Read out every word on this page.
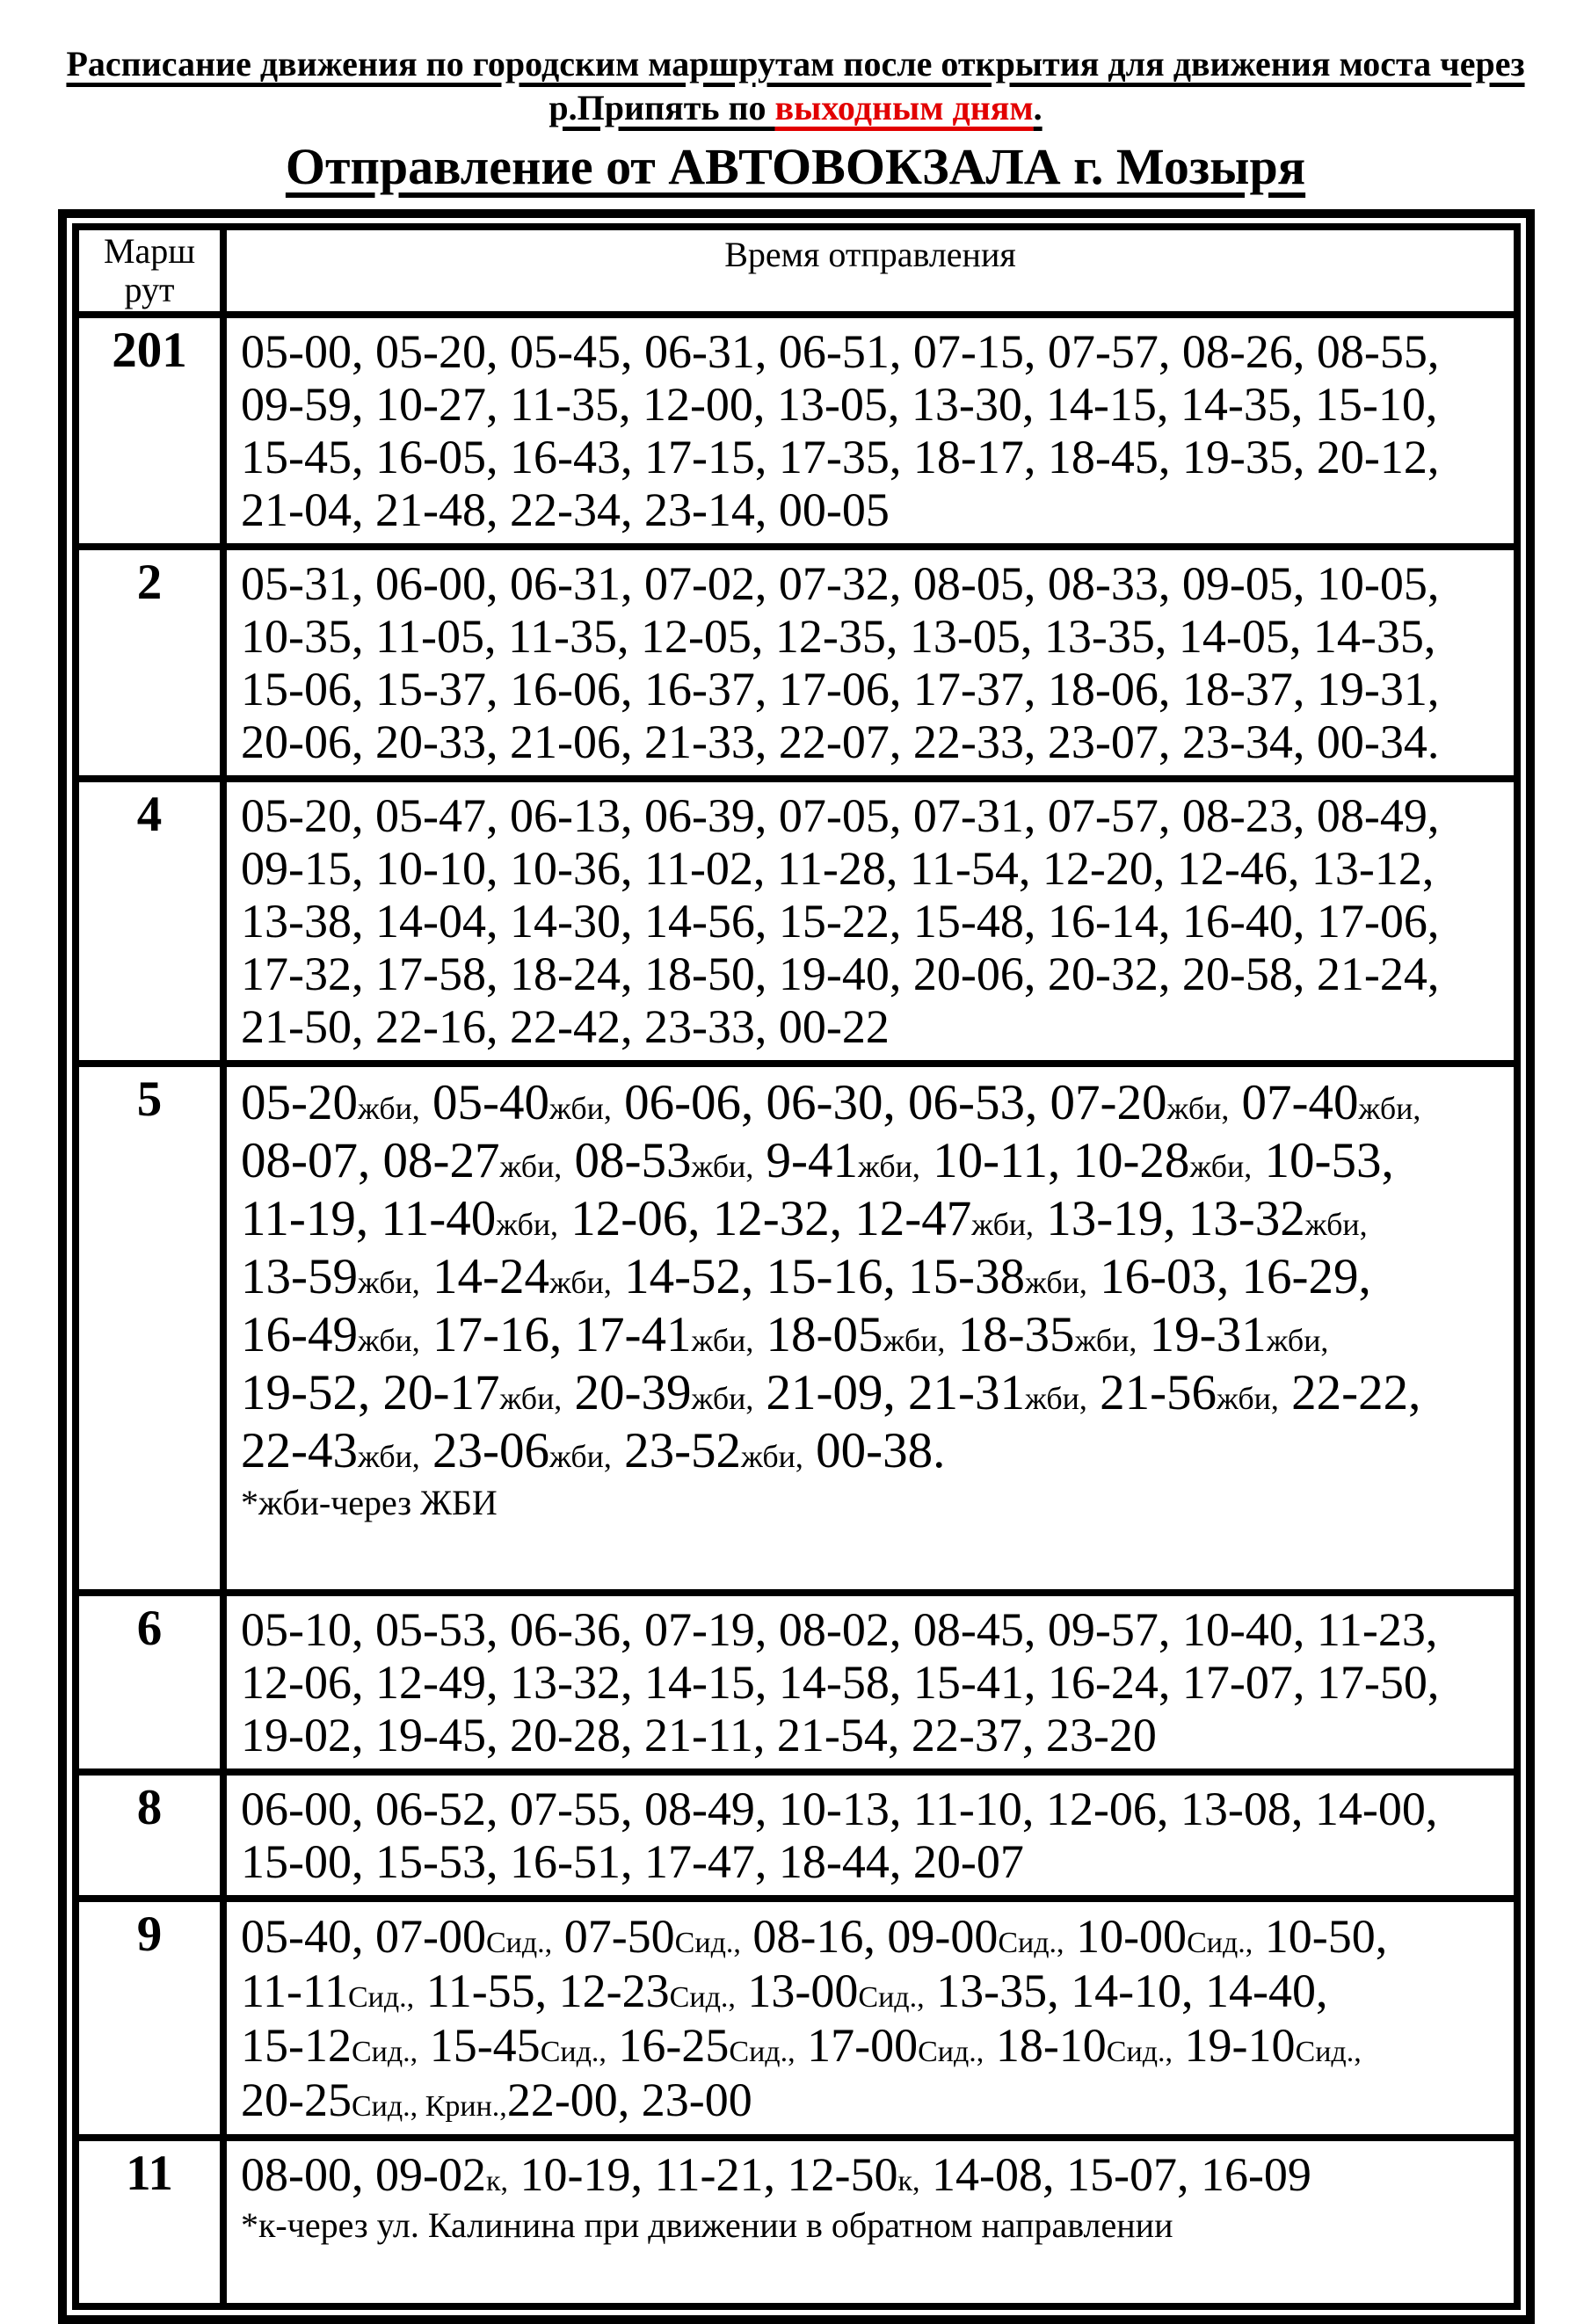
Расписание движения по городским маршрутам после открытия для движения моста через
р.Припять по выходным дням.
Отправление от АВТОВОКЗАЛА г. Мозыря
Марш
рут	Время отправления
201	05-00, 05-20, 05-45, 06-31, 06-51, 07-15, 07-57, 08-26, 08-55,
09-59, 10-27, 11-35, 12-00, 13-05, 13-30, 14-15, 14-35, 15-10,
15-45, 16-05, 16-43, 17-15, 17-35, 18-17, 18-45, 19-35, 20-12,
21-04, 21-48, 22-34, 23-14, 00-05

2	05-31, 06-00, 06-31, 07-02, 07-32, 08-05, 08-33, 09-05, 10-05,
10-35, 11-05, 11-35, 12-05, 12-35, 13-05, 13-35, 14-05, 14-35,
15-06, 15-37, 16-06, 16-37, 17-06, 17-37, 18-06, 18-37, 19-31,
20-06, 20-33, 21-06, 21-33, 22-07, 22-33, 23-07, 23-34, 00-34.

4	05-20, 05-47, 06-13, 06-39, 07-05, 07-31, 07-57, 08-23, 08-49,
09-15, 10-10, 10-36, 11-02, 11-28, 11-54, 12-20, 12-46, 13-12,
13-38, 14-04, 14-30, 14-56, 15-22, 15-48, 16-14, 16-40, 17-06,
17-32, 17-58, 18-24, 18-50, 19-40, 20-06, 20-32, 20-58, 21-24,
21-50, 22-16, 22-42, 23-33, 00-22

5	05-20жби, 05-40жби, 06-06, 06-30, 06-53, 07-20жби, 07-40жби,
08-07, 08-27жби, 08-53жби, 9-41жби, 10-11, 10-28жби, 10-53,
11-19, 11-40жби, 12-06, 12-32, 12-47жби, 13-19, 13-32жби,
13-59жби, 14-24жби, 14-52, 15-16, 15-38жби, 16-03, 16-29,
16-49жби, 17-16, 17-41жби, 18-05жби, 18-35жби, 19-31жби,
19-52, 20-17жби, 20-39жби, 21-09, 21-31жби, 21-56жби, 22-22,
22-43жби, 23-06жби, 23-52жби, 00-38.
*жби-через ЖБИ

6	05-10, 05-53, 06-36, 07-19, 08-02, 08-45, 09-57, 10-40, 11-23,
12-06, 12-49, 13-32, 14-15, 14-58, 15-41, 16-24, 17-07, 17-50,
19-02, 19-45, 20-28, 21-11, 21-54, 22-37, 23-20

8	06-00, 06-52, 07-55, 08-49, 10-13, 11-10, 12-06, 13-08, 14-00,
15-00, 15-53, 16-51, 17-47, 18-44, 20-07

9	05-40, 07-00Сид., 07-50Сид., 08-16, 09-00Сид., 10-00Сид., 10-50,
11-11Сид., 11-55, 12-23Сид., 13-00Сид., 13-35, 14-10, 14-40,
15-12Сид., 15-45Сид., 16-25Сид., 17-00Сид., 18-10Сид., 19-10Сид.,
20-25Сид., Крин.,22-00, 23-00

11	08-00, 09-02к, 10-19, 11-21, 12-50к, 14-08, 15-07, 16-09
*к-через ул. Калинина при движении в обратном направлении
